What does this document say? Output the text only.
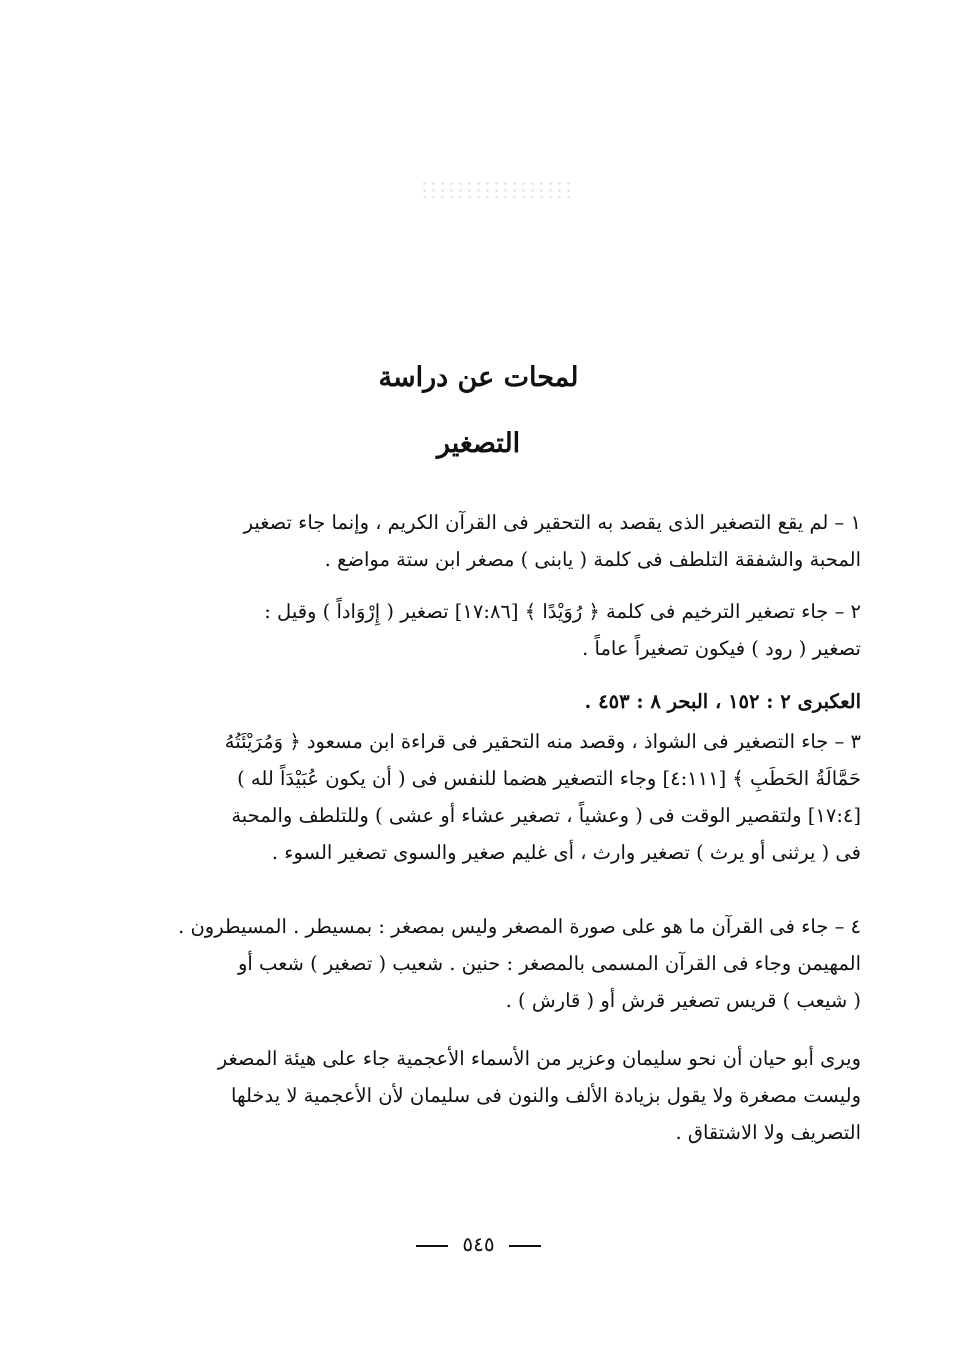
لمحات عن دراسة
التصغير

١ – لم يقع التصغير الذى يقصد به التحقير فى القرآن الكريم ، وإنما جاء تصغير
المحبة والشفقة التلطف فى كلمة ( يابنى ) مصغر ابن ستة مواضع .

٢ – جاء تصغير الترخيم فى كلمة ﴿ رُوَيْدًا ﴾ [١٧:٨٦] تصغير ( إِرْوَاداً ) وقيل :
تصغير ( رود ) فيكون تصغيراً عاماً .

العكبرى ٢ : ١٥٢ ، البحر ٨ : ٤٥٣ .

٣ – جاء التصغير فى الشواذ ، وقصد منه التحقير فى قراءة ابن مسعود ﴿ وَمُرَيْئَتُهُ
حَمَّالَةُ الحَطَبِ ﴾ [٤:١١١] وجاء التصغير هضما للنفس فى ( أن يكون عُبَيْدَاً لله )
[١٧:٤] ولتقصير الوقت فى ( وعشياً ، تصغير عشاء أو عشى ) وللتلطف والمحبة
فى ( يرثنى أو يرث ) تصغير وارث ، أى غليم صغير والسوى تصغير السوء .

٤ – جاء فى القرآن ما هو على صورة المصغر وليس بمصغر : بمسيطر . المسيطرون .
المهيمن وجاء فى القرآن المسمى بالمصغر : حنين . شعيب ( تصغير ) شعب أو
( شيعب ) قريس تصغير قرش أو ( قارش ) .

ويرى أبو حيان أن نحو سليمان وعزير من الأسماء الأعجمية جاء على هيئة المصغر
وليست مصغرة ولا يقول بزيادة الألف والنون فى سليمان لأن الأعجمية لا يدخلها
التصريف ولا الاشتقاق .

٥٤٥
